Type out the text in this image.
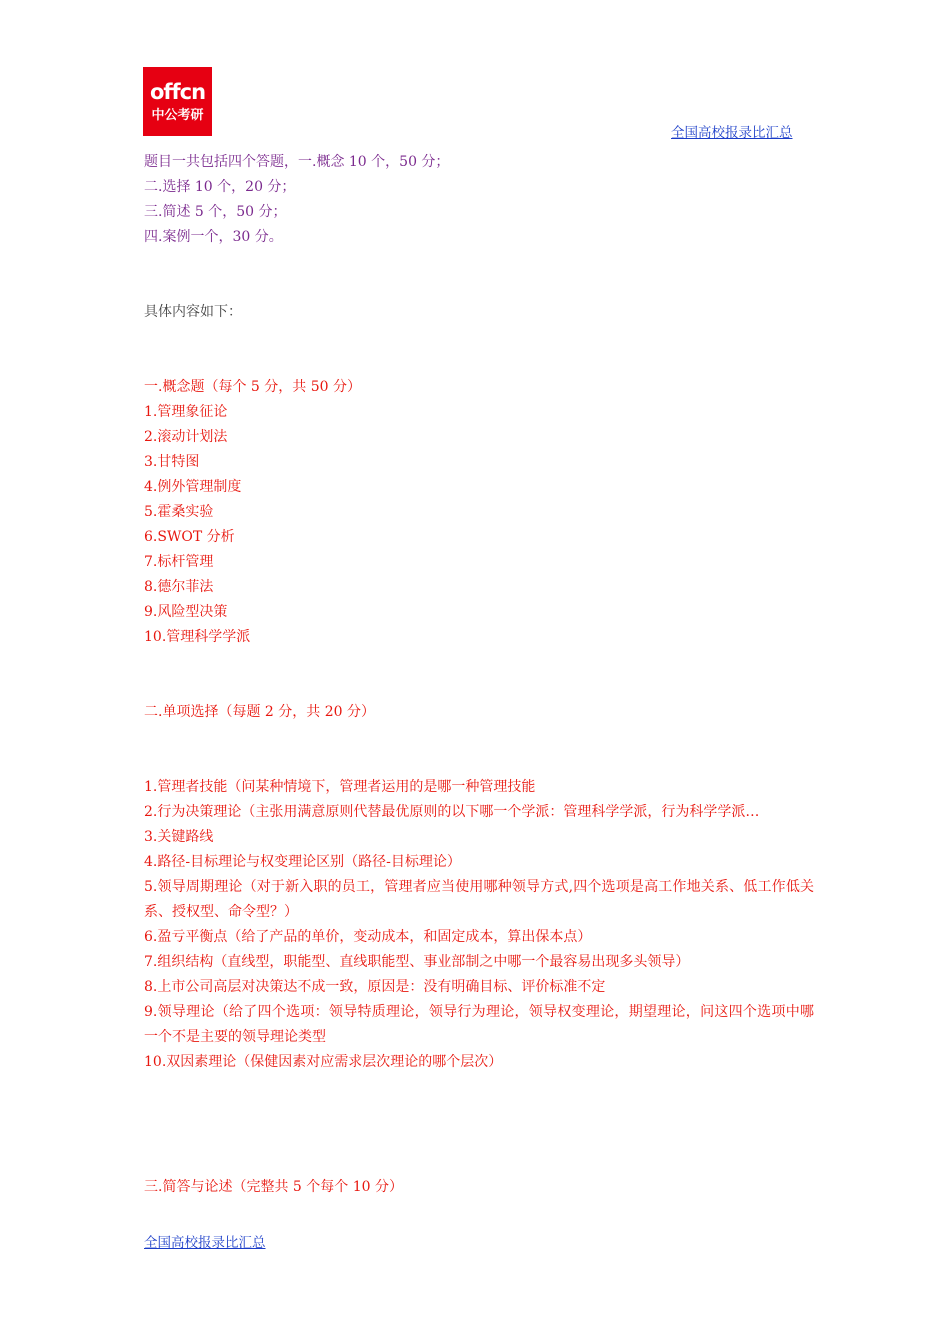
offcn
中公考研
全国高校报录比汇总
题目一共包括四个答题，一.概念 10 个，50 分；
二.选择 10 个，20 分；
三.简述 5 个，50 分；
四.案例一个，30 分。
具体内容如下：
一.概念题（每个 5 分，共 50 分）
1.管理象征论
2.滚动计划法
3.甘特图
4.例外管理制度
5.霍桑实验
6.SWOT 分析
7.标杆管理
8.德尔菲法
9.风险型决策
10.管理科学学派
二.单项选择（每题 2 分，共 20 分）
1.管理者技能（问某种情境下，管理者运用的是哪一种管理技能
2.行为决策理论（主张用满意原则代替最优原则的以下哪一个学派：管理科学学派，行为科学学派…
3.关键路线
4.路径-目标理论与权变理论区别（路径-目标理论）
5.领导周期理论（对于新入职的员工，管理者应当使用哪种领导方式,四个选项是高工作地关系、低工作低关系、授权型、命令型？）
6.盈亏平衡点（给了产品的单价，变动成本，和固定成本，算出保本点）
7.组织结构（直线型，职能型、直线职能型、事业部制之中哪一个最容易出现多头领导）
8.上市公司高层对决策达不成一致，原因是：没有明确目标、评价标准不定
9.领导理论（给了四个选项：领导特质理论，领导行为理论，领导权变理论，期望理论，问这四个选项中哪一个不是主要的领导理论类型
10.双因素理论（保健因素对应需求层次理论的哪个层次）
三.简答与论述（完整共 5 个每个 10 分）
全国高校报录比汇总
